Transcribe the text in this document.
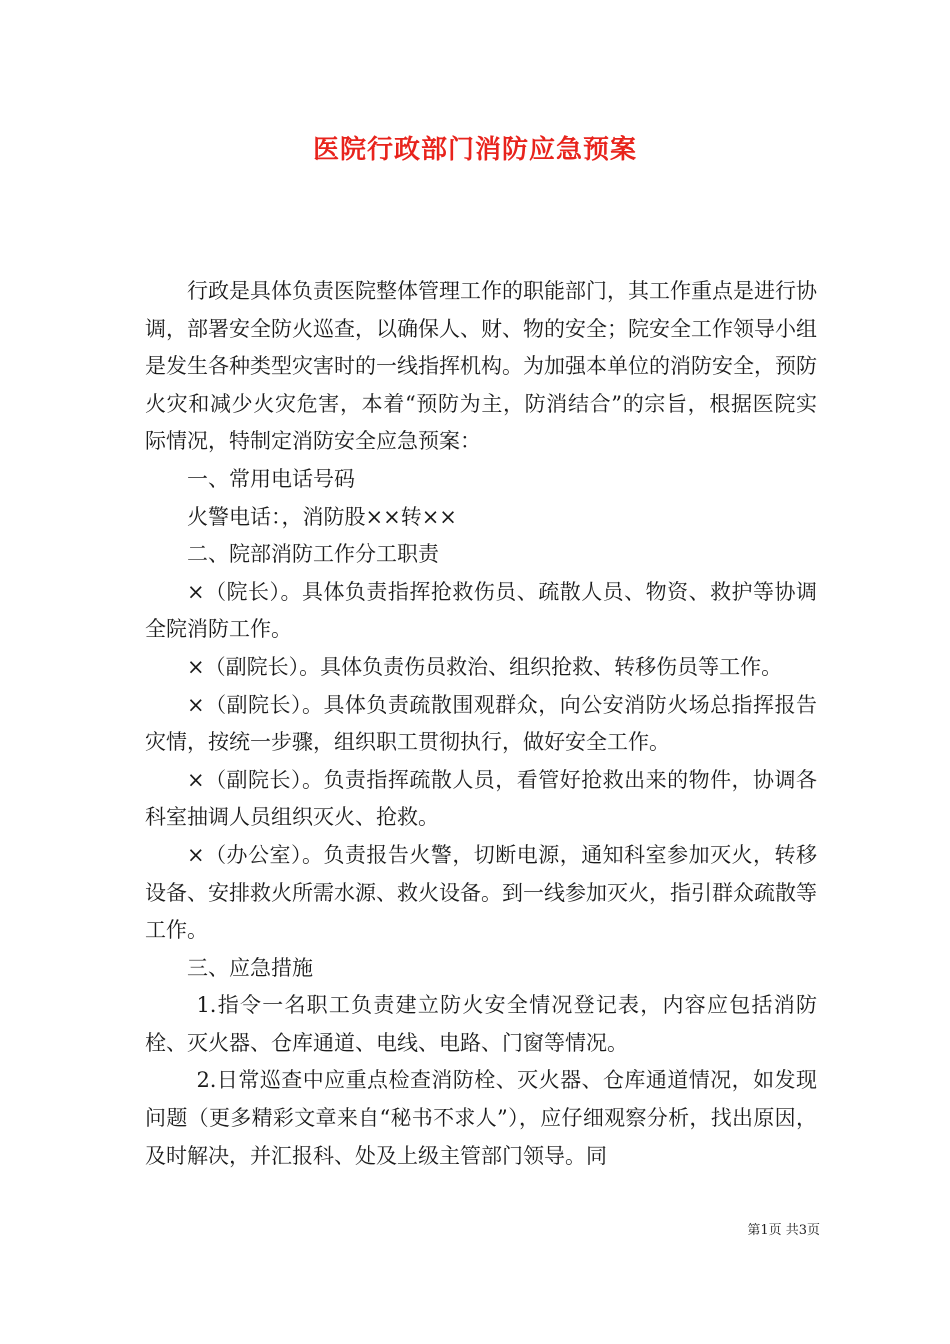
医院行政部门消防应急预案

行政是具体负责医院整体管理工作的职能部门，其工作重点是进行协调，部署安全防火巡查，以确保人、财、物的安全；院安全工作领导小组是发生各种类型灾害时的一线指挥机构。为加强本单位的消防安全，预防火灾和减少火灾危害，本着“预防为主，防消结合”的宗旨，根据医院实际情况，特制定消防安全应急预案：

一、常用电话号码

火警电话：，消防股××转××

二、院部消防工作分工职责

×（院长）。具体负责指挥抢救伤员、疏散人员、物资、救护等协调全院消防工作。

×（副院长）。具体负责伤员救治、组织抢救、转移伤员等工作。

×（副院长）。具体负责疏散围观群众，向公安消防火场总指挥报告灾情，按统一步骤，组织职工贯彻执行，做好安全工作。

×（副院长）。负责指挥疏散人员，看管好抢救出来的物件，协调各科室抽调人员组织灭火、抢救。

×（办公室）。负责报告火警，切断电源，通知科室参加灭火，转移设备、安排救火所需水源、救火设备。到一线参加灭火，指引群众疏散等工作。

三、应急措施

1.指令一名职工负责建立防火安全情况登记表，内容应包括消防栓、灭火器、仓库通道、电线、电路、门窗等情况。

2.日常巡查中应重点检查消防栓、灭火器、仓库通道情况，如发现问题（更多精彩文章来自“秘书不求人”），应仔细观察分析，找出原因，及时解决，并汇报科、处及上级主管部门领导。同

第1页 共3页
